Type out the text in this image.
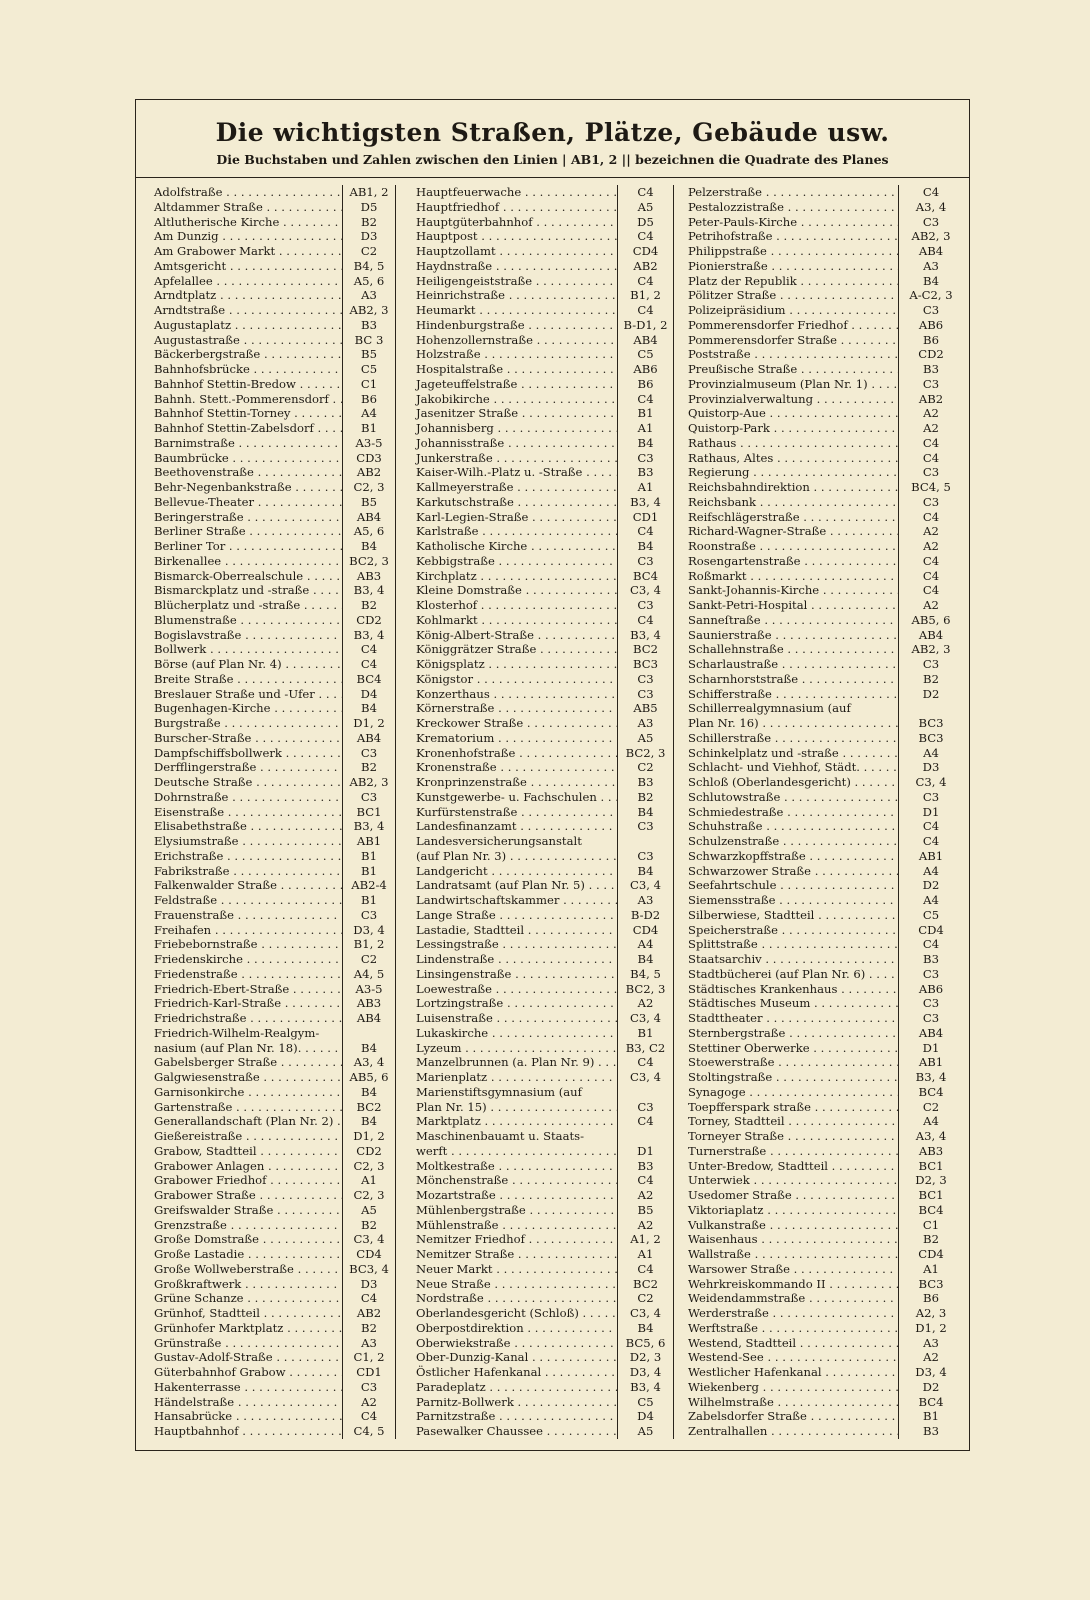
Die wichtigsten Straßen, Plätze, Gebäude usw.
Die Buchstaben und Zahlen zwischen den Linien | AB1, 2 || bezeichnen die Quadrate des Planes
Adolfstraße . . .	AB1, 2
Altdammer Straße . . .	D5
Altlutherische Kirche . . .	B2
Am Dunzig . . .	D3
Am Grabower Markt . . .	C2
Amtsgericht . . .	B4, 5
Apfelallee . . .	A5, 6
Arndtplatz . . .	A3
Arndtstraße . . .	AB2, 3
Augustaplatz . . .	B3
Augustastraße . . .	BC 3
Bäckerbergstraße . . .	B5
Bahnhofsbrücke . . .	C5
Bahnhof Stettin-Bredow . . .	C1
Bahnh. Stett.-Pommerensdorf . . .	B6
Bahnhof Stettin-Torney . . .	A4
Bahnhof Stettin-Zabelsdorf . . .	B1
Barnimstraße . . .	A3-5
Baumbrücke . . .	CD3
Beethovenstraße . . .	AB2
Behr-Negenbankstraße . . .	C2, 3
Bellevue-Theater . . .	B5
Beringerstraße . . .	AB4
Berliner Straße . . .	A5, 6
Berliner Tor . . .	B4
Birkenallee . . .	BC2, 3
Bismarck-Oberrealschule . . .	AB3
Bismarckplatz und -straße . . .	B3, 4
Blücherplatz und -straße . . .	B2
Blumenstraße . . .	CD2
Bogislavstraße . . .	B3, 4
Bollwerk . . .	C4
Börse (auf Plan Nr. 4) . . .	C4
Breite Straße . . .	BC4
Breslauer Straße und -Ufer . . .	D4
Bugenhagen-Kirche . . .	B4
Burgstraße . . .	D1, 2
Burscher-Straße . . .	AB4
Dampfschiffsbollwerk . . .	C3
Derfflingerstraße . . .	B2
Deutsche Straße . . .	AB2, 3
Dohrnstraße . . .	C3
Eisenstraße . . .	BC1
Elisabethstraße . . .	B3, 4
Elysiumstraße . . .	AB1
Erichstraße . . .	B1
Fabrikstraße . . .	B1
Falkenwalder Straße . . .	AB2-4
Feldstraße . . .	B1
Frauenstraße . . .	C3
Freihafen . . .	D3, 4
Friebebornstraße . . .	B1, 2
Friedenskirche . . .	C2
Friedenstraße . . .	A4, 5
Friedrich-Ebert-Straße . . .	A3-5
Friedrich-Karl-Straße . . .	AB3
Friedrichstraße . . .	AB4
Friedrich-Wilhelm-Realgym-
nasium (auf Plan Nr. 18). . . .	B4
Gabelsberger Straße . . .	A3, 4
Galgwiesenstraße . . .	AB5, 6
Garnisonkirche . . .	B4
Gartenstraße . . .	BC2
Generallandschaft (Plan Nr. 2) . . .	B4
Gießereistraße . . .	D1, 2
Grabow, Stadtteil . . .	CD2
Grabower Anlagen . . .	C2, 3
Grabower Friedhof . . .	A1
Grabower Straße . . .	C2, 3
Greifswalder Straße . . .	A5
Grenzstraße . . .	B2
Große Domstraße . . .	C3, 4
Große Lastadie . . .	CD4
Große Wollweberstraße . . .	BC3, 4
Großkraftwerk . . .	D3
Grüne Schanze . . .	C4
Grünhof, Stadtteil . . .	AB2
Grünhofer Marktplatz . . .	B2
Grünstraße . . .	A3
Gustav-Adolf-Straße . . .	C1, 2
Güterbahnhof Grabow . . .	CD1
Hakenterrasse . . .	C3
Händelstraße . . .	A2
Hansabrücke . . .	C4
Hauptbahnhof . . .	C4, 5
Hauptfeuerwache . . .	C4
Hauptfriedhof . . .	A5
Hauptgüterbahnhof . . .	D5
Hauptpost . . .	C4
Hauptzollamt . . .	CD4
Haydnstraße . . .	AB2
Heiligengeiststraße . . .	C4
Heinrichstraße . . .	B1, 2
Heumarkt . . .	C4
Hindenburgstraße . . .	B-D1, 2
Hohenzollernstraße . . .	AB4
Holzstraße . . .	C5
Hospitalstraße . . .	AB6
Jageteuffelstraße . . .	B6
Jakobikirche . . .	C4
Jasenitzer Straße . . .	B1
Johannisberg . . .	A1
Johannisstraße . . .	B4
Junkerstraße . . .	C3
Kaiser-Wilh.-Platz u. -Straße . . .	B3
Kallmeyerstraße . . .	A1
Karkutschstraße . . .	B3, 4
Karl-Legien-Straße . . .	CD1
Karlstraße . . .	C4
Katholische Kirche . . .	B4
Kebbigstraße . . .	C3
Kirchplatz . . .	BC4
Kleine Domstraße . . .	C3, 4
Klosterhof . . .	C3
Kohlmarkt . . .	C4
König-Albert-Straße . . .	B3, 4
Königgrätzer Straße . . .	BC2
Königsplatz . . .	BC3
Königstor . . .	C3
Konzerthaus . . .	C3
Körnerstraße . . .	AB5
Kreckower Straße . . .	A3
Krematorium . . .	A5
Kronenhofstraße . . .	BC2, 3
Kronenstraße . . .	C2
Kronprinzenstraße . . .	B3
Kunstgewerbe- u. Fachschulen . . .	B2
Kurfürstenstraße . . .	B4
Landesfinanzamt . . .	C3
Landesversicherungsanstalt
(auf Plan Nr. 3) . . .	C3
Landgericht . . .	B4
Landratsamt (auf Plan Nr. 5) . . .	C3, 4
Landwirtschaftskammer . . .	A3
Lange Straße . . .	B-D2
Lastadie, Stadtteil . . .	CD4
Lessingstraße . . .	A4
Lindenstraße . . .	B4
Linsingenstraße . . .	B4, 5
Loewestraße . . .	BC2, 3
Lortzingstraße . . .	A2
Luisenstraße . . .	C3, 4
Lukaskirche . . .	B1
Lyzeum . . .	B3, C2
Manzelbrunnen (a. Plan Nr. 9) . . .	C4
Marienplatz . . .	C3, 4
Marienstiftsgymnasium (auf
Plan Nr. 15) . . .	C3
Marktplatz . . .	C4
Maschinenbauamt u. Staats-
werft . . .	D1
Moltkestraße . . .	B3
Mönchenstraße . . .	C4
Mozartstraße . . .	A2
Mühlenbergstraße . . .	B5
Mühlenstraße . . .	A2
Nemitzer Friedhof . . .	A1, 2
Nemitzer Straße . . .	A1
Neuer Markt . . .	C4
Neue Straße . . .	BC2
Nordstraße . . .	C2
Oberlandesgericht (Schloß) . . .	C3, 4
Oberpostdirektion . . .	B4
Oberwiekstraße . . .	BC5, 6
Ober-Dunzig-Kanal . . .	D2, 3
Östlicher Hafenkanal . . .	D3, 4
Paradeplatz . . .	B3, 4
Parnitz-Bollwerk . . .	C5
Parnitzstraße . . .	D4
Pasewalker Chaussee . . .	A5
Pelzerstraße . . .	C4
Pestalozzistraße . . .	A3, 4
Peter-Pauls-Kirche . . .	C3
Petrihofstraße . . .	AB2, 3
Philippstraße . . .	AB4
Pionierstraße . . .	A3
Platz der Republik . . .	B4
Pölitzer Straße . . .	A-C2, 3
Polizeipräsidium . . .	C3
Pommerensdorfer Friedhof . . .	AB6
Pommerensdorfer Straße . . .	B6
Poststraße . . .	CD2
Preußische Straße . . .	B3
Provinzialmuseum (Plan Nr. 1) . . .	C3
Provinzialverwaltung . . .	AB2
Quistorp-Aue . . .	A2
Quistorp-Park . . .	A2
Rathaus . . .	C4
Rathaus, Altes . . .	C4
Regierung . . .	C3
Reichsbahndirektion . . .	BC4, 5
Reichsbank . . .	C3
Reifschlägerstraße . . .	C4
Richard-Wagner-Straße . . .	A2
Roonstraße . . .	A2
Rosengartenstraße . . .	C4
Roßmarkt . . .	C4
Sankt-Johannis-Kirche . . .	C4
Sankt-Petri-Hospital . . .	A2
Sanneſtraße . . .	AB5, 6
Saunierstraße . . .	AB4
Schallehnstraße . . .	AB2, 3
Scharlaustraße . . .	C3
Scharnhorststraße . . .	B2
Schifferstraße . . .	D2
Schillerrealgymnasium (auf
Plan Nr. 16) . . .	BC3
Schillerstraße . . .	BC3
Schinkelplatz und -straße . . .	A4
Schlacht- und Viehhof, Städt. . . .	D3
Schloß (Oberlandesgericht) . . .	C3, 4
Schlutowstraße . . .	C3
Schmiedestraße . . .	D1
Schuhstraße . . .	C4
Schulzenstraße . . .	C4
Schwarzkopffstraße . . .	AB1
Schwarzower Straße . . .	A4
Seefahrtschule . . .	D2
Siemensstraße . . .	A4
Silberwiese, Stadtteil . . .	C5
Speicherstraße . . .	CD4
Splittstraße . . .	C4
Staatsarchiv . . .	B3
Stadtbücherei (auf Plan Nr. 6) . . .	C3
Städtisches Krankenhaus . . .	AB6
Städtisches Museum . . .	C3
Stadttheater . . .	C3
Sternbergstraße . . .	AB4
Stettiner Oberwerke . . .	D1
Stoewerstraße . . .	AB1
Stoltingstraße . . .	B3, 4
Synagoge . . .	BC4
Toepfferspark straße . . .	C2
Torney, Stadtteil . . .	A4
Torneyer Straße . . .	A3, 4
Turnerstraße . . .	AB3
Unter-Bredow, Stadtteil . . .	BC1
Unterwiek . . .	D2, 3
Usedomer Straße . . .	BC1
Viktoriaplatz . . .	BC4
Vulkanstraße . . .	C1
Waisenhaus . . .	B2
Wallstraße . . .	CD4
Warsower Straße . . .	A1
Wehrkreiskommando II . . .	BC3
Weidendammstraße . . .	B6
Werderstraße . . .	A2, 3
Werftstraße . . .	D1, 2
Westend, Stadtteil . . .	A3
Westend-See . . .	A2
Westlicher Hafenkanal . . .	D3, 4
Wiekenberg . . .	D2
Wilhelmstraße . . .	BC4
Zabelsdorfer Straße . . .	B1
Zentralhallen . . .	B3
